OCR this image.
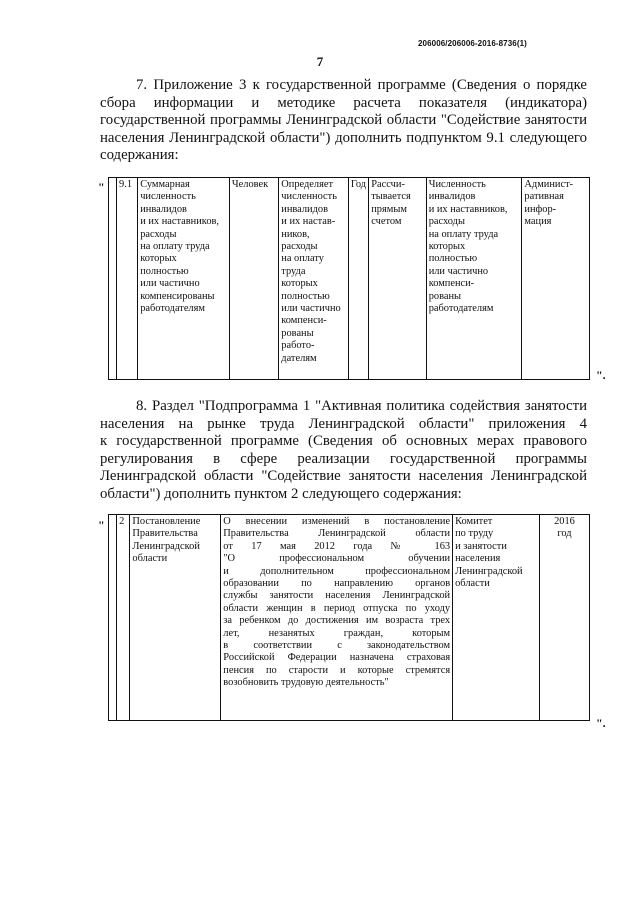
206006/206006-2016-8736(1)
7
7. Приложение 3 к государственной программе (Сведения о порядке
сбора информации и методике расчета показателя (индикатора)
государственной программы Ленинградской области "Содействие занятости
населения Ленинградской области") дополнить подпунктом 9.1 следующего
содержания:
"
	9.1	Суммарная
численность
инвалидов
и их наставников,
расходы
на оплату труда
которых
полностью
или частично
компенсированы
работодателям

Человек	Определяет
численность
инвалидов
и их настав-
ников,
расходы
на оплату
труда
которых
полностью
или частично
компенси-
рованы
работо-
дателям

Год	Рассчи-
тывается
прямым
счетом

Численность
инвалидов
и их наставников,
расходы
на оплату труда
которых
полностью
или частично
компенси-
рованы
работодателям

Админист-
ративная
инфор-
мация
".
8. Раздел "Подпрограмма 1 "Активная политика содействия занятости
населения на рынке труда Ленинградской области" приложения 4
к государственной программе (Сведения об основных мерах правового
регулирования в сфере реализации государственной программы
Ленинградской области "Содействие занятости населения Ленинградской
области") дополнить пунктом 2 следующего содержания:
"
	2	Постановление
Правительства
Ленинградской
области

О внесении изменений в постановление
Правительства Ленинградской области
от 17 мая 2012 года № 163
"О профессиональном обучении
и дополнительном профессиональном
образовании по направлению органов
службы занятости населения Ленинградской
области женщин в период отпуска по уходу
за ребенком до достижения им возраста трех
лет, незанятых граждан, которым
в соответствии с законодательством
Российской Федерации назначена страховая
пенсия по старости и которые стремятся
возобновить трудовую деятельность"

Комитет
по труду
и занятости
населения
Ленинградской
области

2016
год
".
